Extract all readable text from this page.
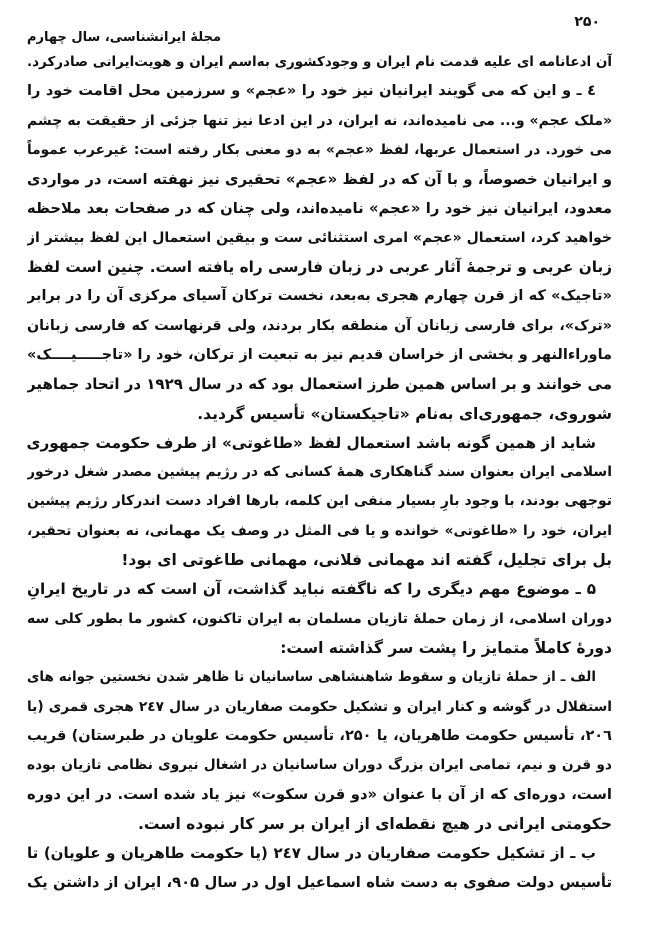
۲۵۰
مجلهٔ ایرانشناسی، سال چهارم
آن ادعانامه ای علیه قدمت نام ایران و وجودکشوری به‌اسم ایران و هویت‌ایرانی صادرکرد.
٤ ـ و این که می گویند ایرانیان نیز خود را «عجم» و سرزمین محل اقامت خود را
«ملک عجم» و... می نامیده‌اند، نه ایران، در این ادعا نیز تنها جزئی از حقیقت به چشم
می خورد. در استعمال عربها، لفظ «عجم» به دو معنی بکار رفته است: غیرعرب عموماً
و ایرانیان خصوصاً، و با آن که در لفظ «عجم» تحقیری نیز نهفته است، در مواردی
معدود، ایرانیان نیز خود را «عجم» نامیده‌اند، ولی چنان که در صفحات بعد ملاحظه
خواهید کرد، استعمال «عجم» امری استثنائی ست و بیقین استعمال این لفظ بیشتر از
زبان عربی و ترجمهٔ آثار عربی در زبان فارسی راه یافته است. چنین است لفظ
«تاجیک» که از قرن چهارم هجری به‌بعد، نخست ترکان آسیای مرکزی آن را در برابر
«ترک»، برای فارسی زبانان آن منطقه بکار بردند، ولی قرنهاست که فارسی زبانان
ماوراء‌النهر و بخشی از خراسان قدیم نیز به تبعیت از ترکان، خود را «تاجـــــیــــک»
می خوانند و بر اساس همین طرز استعمال بود که در سال ۱۹۲۹ در اتحاد جماهیر
شوروی، جمهوری‌ای به‌نام «تاجیکستان» تأسیس گردید.
شاید از همین گونه باشد استعمال لفظ «طاغوتی» از طرف حکومت جمهوری
اسلامی ایران بعنوان سند گناهکاری همهٔ کسانی که در رژیم پیشین مصدر شغل درخور
توجهی بودند، با وجود بارِ بسیار منفی این کلمه، بارها افراد دست اندرکار رژیم پیشین
ایران، خود را «طاغوتی» خوانده و یا فی المثل در وصف یک مهمانی، نه بعنوان تحقیر،
بل برای تجلیل، گفته اند مهمانی فلانی، مهمانی طاغوتی ای بود!
۵ ـ موضوع مهم دیگری را که ناگفته نباید گذاشت، آن است که در تاریخ ایرانِ
دوران اسلامی، از زمان حملهٔ تازیان مسلمان به ایران تاکنون، کشور ما بطور کلی سه
دورهٔ کاملاً متمایز را پشت سر گذاشته است:
الف ـ از حملهٔ تازیان و سقوط شاهنشاهی ساسانیان تا ظاهر شدن نخستین جوانه های
استقلال در گوشه و کنار ایران و تشکیل حکومت صفاریان در سال ۲٤۷ هجری قمری (یا
۲۰٦، تأسیس حکومت طاهریان، یا ۲۵۰، تأسیس حکومت علویان در طبرستان) قریب
دو قرن و نیم، تمامی ایران بزرگ دوران ساسانیان در اشغال نیروی نظامی تازیان بوده
است، دوره‌ای که از آن با عنوان «دو قرن سکوت» نیز یاد شده است. در این دوره
حکومتی ایرانی در هیچ نقطه‌ای از ایران بر سر کار نبوده است.
ب ـ از تشکیل حکومت صفاریان در سال ۲٤۷ (یا حکومت طاهریان و علویان) تا
تأسیس دولت صفوی به دست شاه اسماعیل اول در سال ۹۰۵، ایران از داشتن یک
